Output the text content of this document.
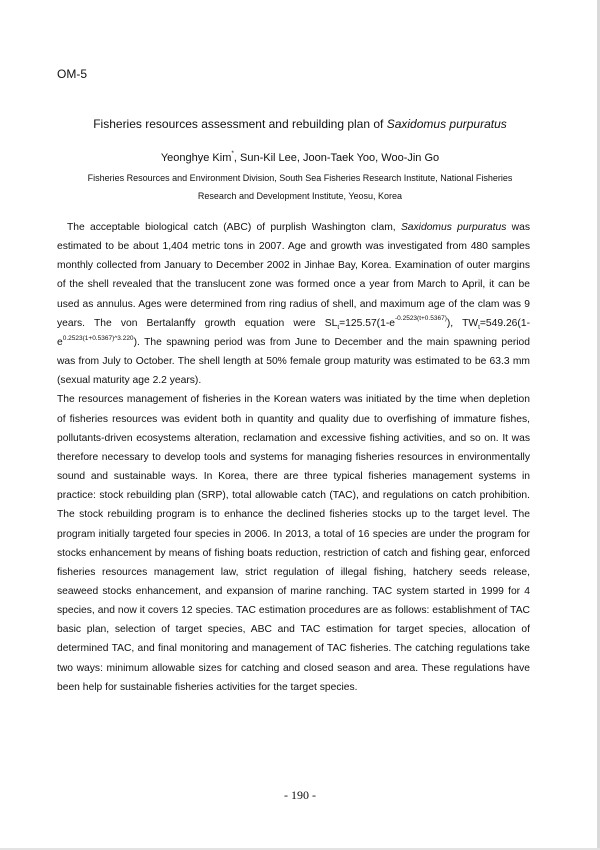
OM-5
Fisheries resources assessment and rebuilding plan of Saxidomus purpuratus
Yeonghye Kim*, Sun-Kil Lee, Joon-Taek Yoo, Woo-Jin Go
Fisheries Resources and Environment Division, South Sea Fisheries Research Institute, National Fisheries
Research and Development Institute, Yeosu, Korea

The acceptable biological catch (ABC) of purplish Washington clam, Saxidomus purpuratus was estimated to be about 1,404 metric tons in 2007. Age and growth was investigated from 480 samples monthly collected from January to December 2002 in Jinhae Bay, Korea. Examination of outer margins of the shell revealed that the translucent zone was formed once a year from March to April, it can be used as annulus. Ages were determined from ring radius of shell, and maximum age of the clam was 9 years. The von Bertalanffy growth equation were $SL_t=125.57(1-e^{-0.2523(t+0.5367)})$, $TW_t=549.26(1-e^{0.2523(1+0.5367)\^{}3.220})$. The spawning period was from June to December and the main spawning period was from July to October. The shell length at 50% female group maturity was estimated to be 63.3 mm (sexual maturity age 2.2 years).

The resources management of fisheries in the Korean waters was initiated by the time when depletion of fisheries resources was evident both in quantity and quality due to overfishing of immature fishes, pollutants-driven ecosystems alteration, reclamation and excessive fishing activities, and so on. It was therefore necessary to develop tools and systems for managing fisheries resources in environmentally sound and sustainable ways. In Korea, there are three typical fisheries management systems in practice: stock rebuilding plan (SRP), total allowable catch (TAC), and regulations on catch prohibition. The stock rebuilding program is to enhance the declined fisheries stocks up to the target level. The program initially targeted four species in 2006. In 2013, a total of 16 species are under the program for stocks enhancement by means of fishing boats reduction, restriction of catch and fishing gear, enforced fisheries resources management law, strict regulation of illegal fishing, hatchery seeds release, seaweed stocks enhancement, and expansion of marine ranching. TAC system started in 1999 for 4 species, and now it covers 12 species. TAC estimation procedures are as follows: establishment of TAC basic plan, selection of target species, ABC and TAC estimation for target species, allocation of determined TAC, and final monitoring and management of TAC fisheries. The catching regulations take two ways: minimum allowable sizes for catching and closed season and area. These regulations have been help for sustainable fisheries activities for the target species.

- 190 -
